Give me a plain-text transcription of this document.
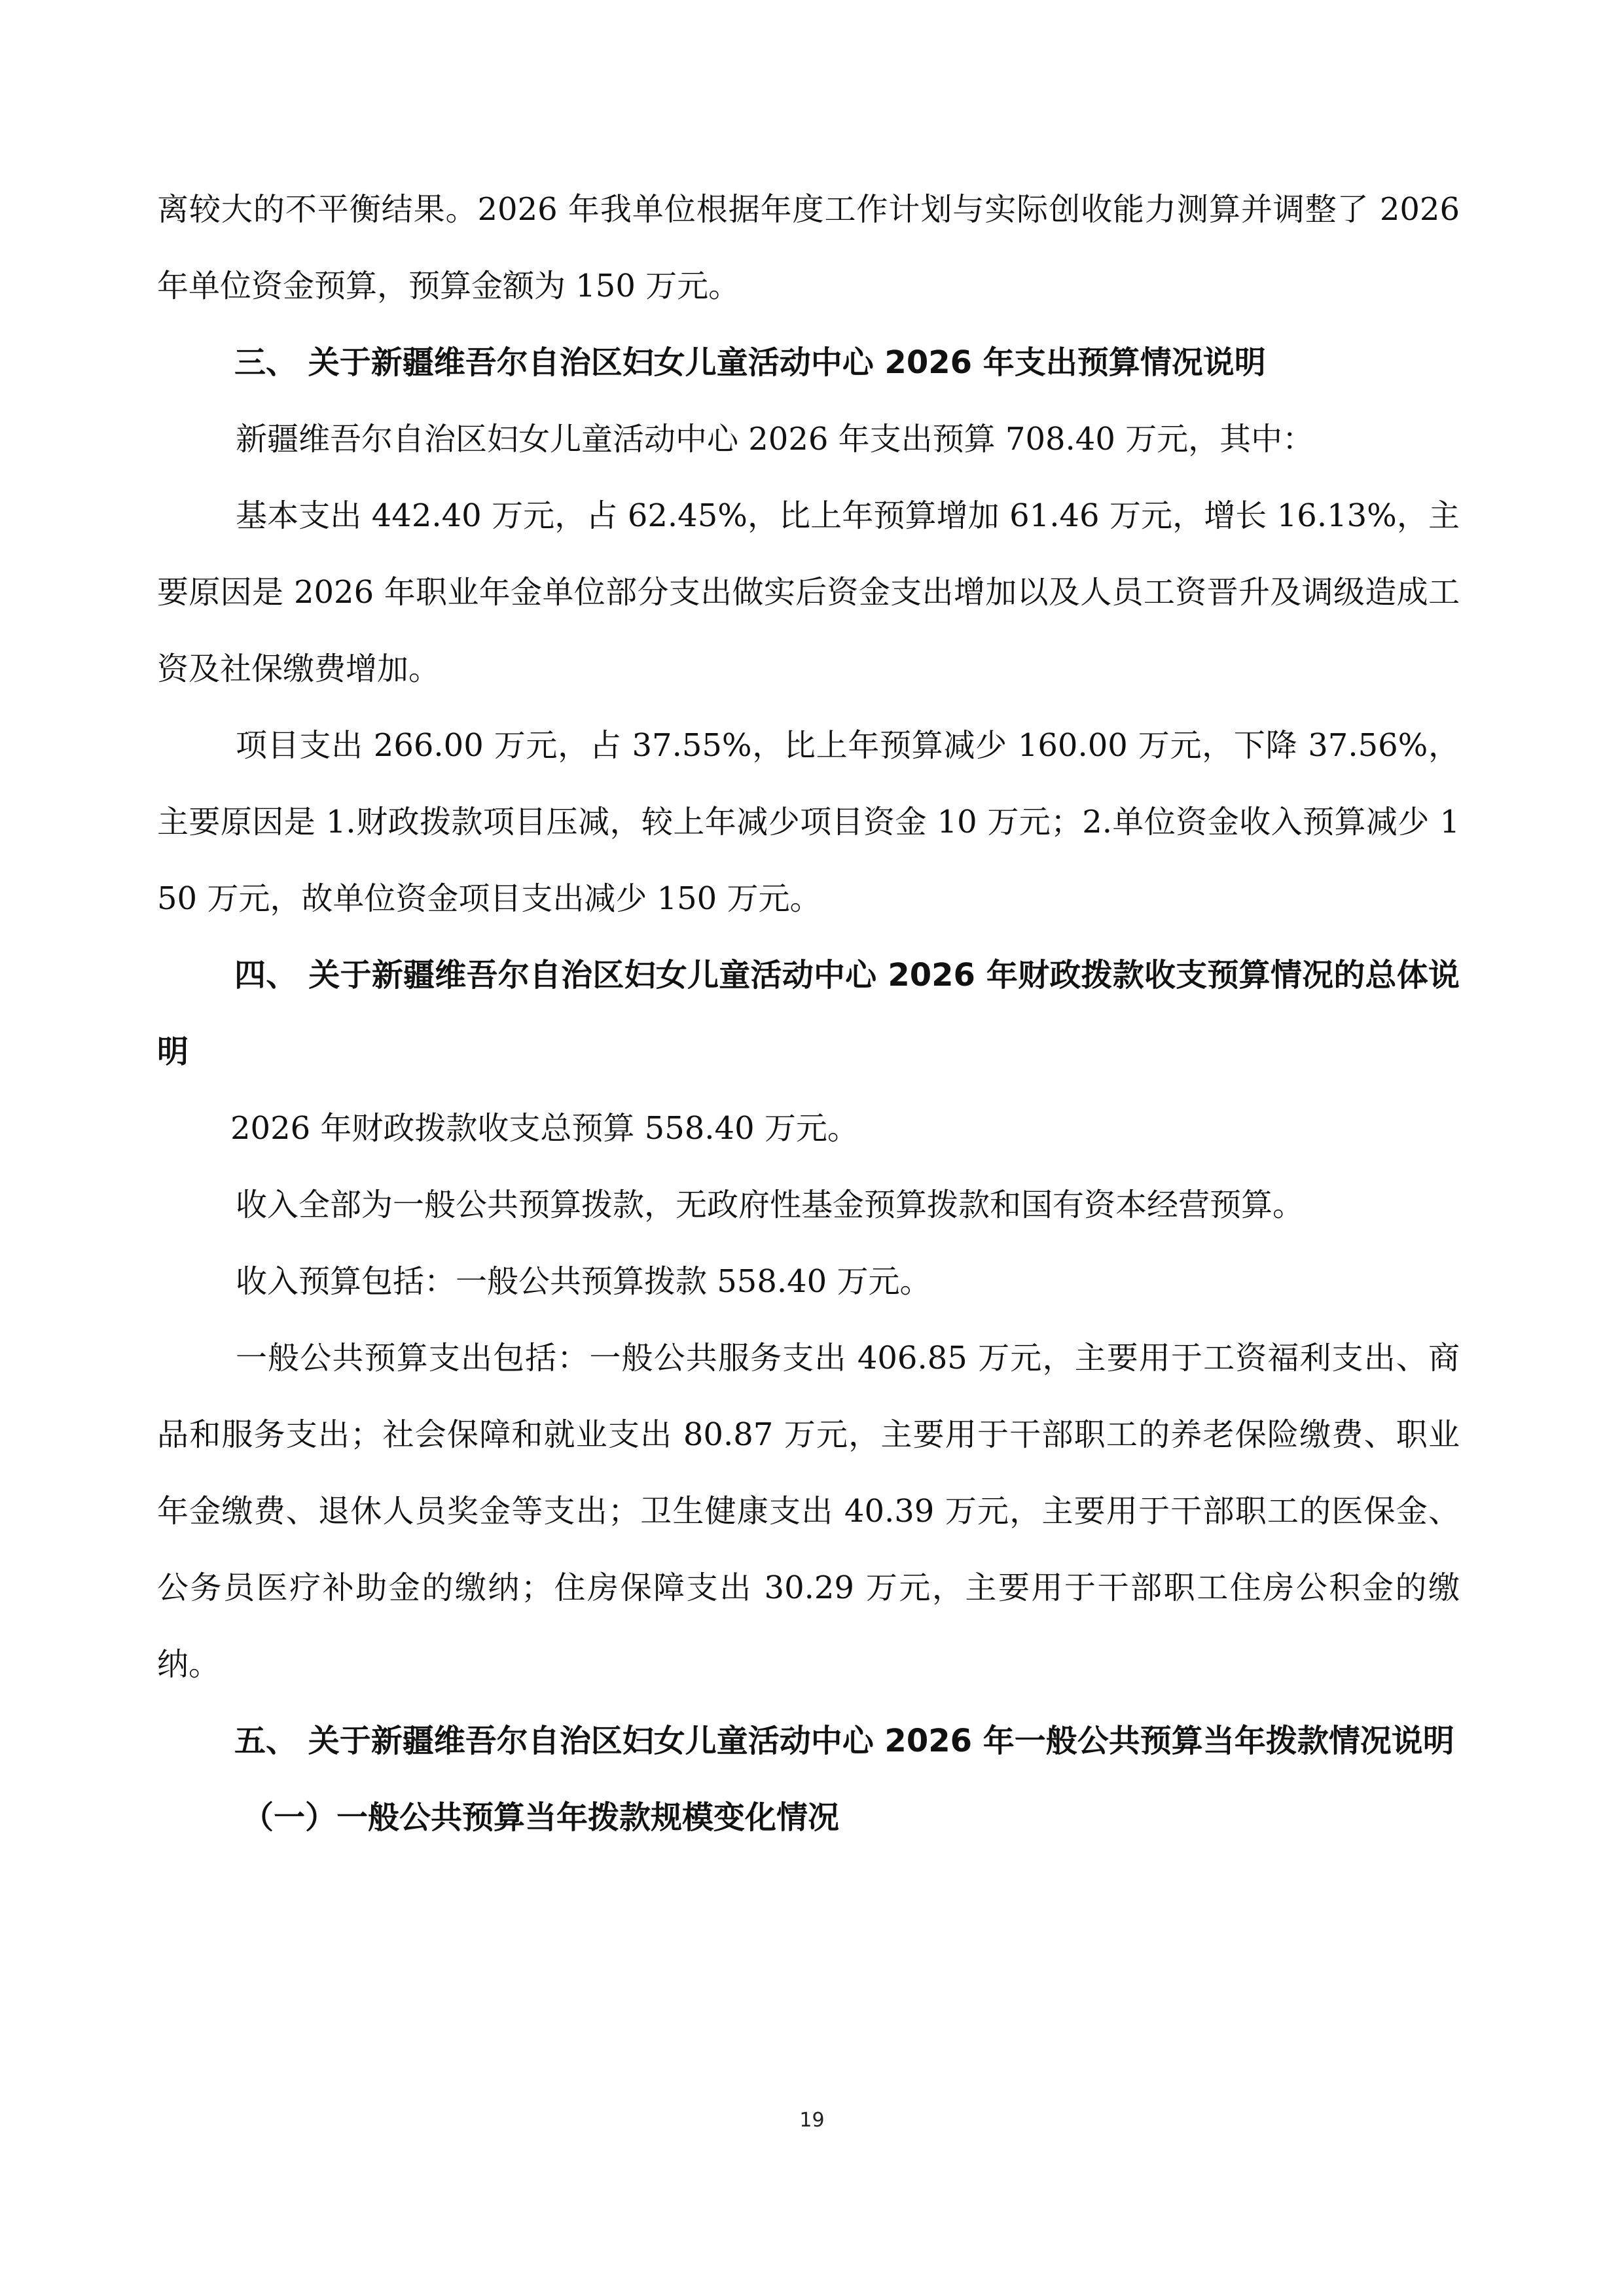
离较大的不平衡结果。2026 年我单位根据年度工作计划与实际创收能力测算并调整了 2026 年单位资金预算，预算金额为 150 万元。

三、 关于新疆维吾尔自治区妇女儿童活动中心 2026 年支出预算情况说明

新疆维吾尔自治区妇女儿童活动中心 2026 年支出预算 708.40 万元，其中：

基本支出 442.40 万元，占 62.45%，比上年预算增加 61.46 万元，增长 16.13%，主要原因是 2026 年职业年金单位部分支出做实后资金支出增加以及人员工资晋升及调级造成工资及社保缴费增加。

项目支出 266.00 万元，占 37.55%，比上年预算减少 160.00 万元，下降 37.56%，主要原因是 1.财政拨款项目压减，较上年减少项目资金 10 万元；2.单位资金收入预算减少 150 万元，故单位资金项目支出减少 150 万元。

四、 关于新疆维吾尔自治区妇女儿童活动中心 2026 年财政拨款收支预算情况的总体说明

2026 年财政拨款收支总预算 558.40 万元。

收入全部为一般公共预算拨款，无政府性基金预算拨款和国有资本经营预算。

收入预算包括：一般公共预算拨款 558.40 万元。

一般公共预算支出包括：一般公共服务支出 406.85 万元，主要用于工资福利支出、商品和服务支出；社会保障和就业支出 80.87 万元，主要用于干部职工的养老保险缴费、职业年金缴费、退休人员奖金等支出；卫生健康支出 40.39 万元，主要用于干部职工的医保金、公务员医疗补助金的缴纳；住房保障支出 30.29 万元，主要用于干部职工住房公积金的缴纳。

五、 关于新疆维吾尔自治区妇女儿童活动中心 2026 年一般公共预算当年拨款情况说明

（一）一般公共预算当年拨款规模变化情况

19
